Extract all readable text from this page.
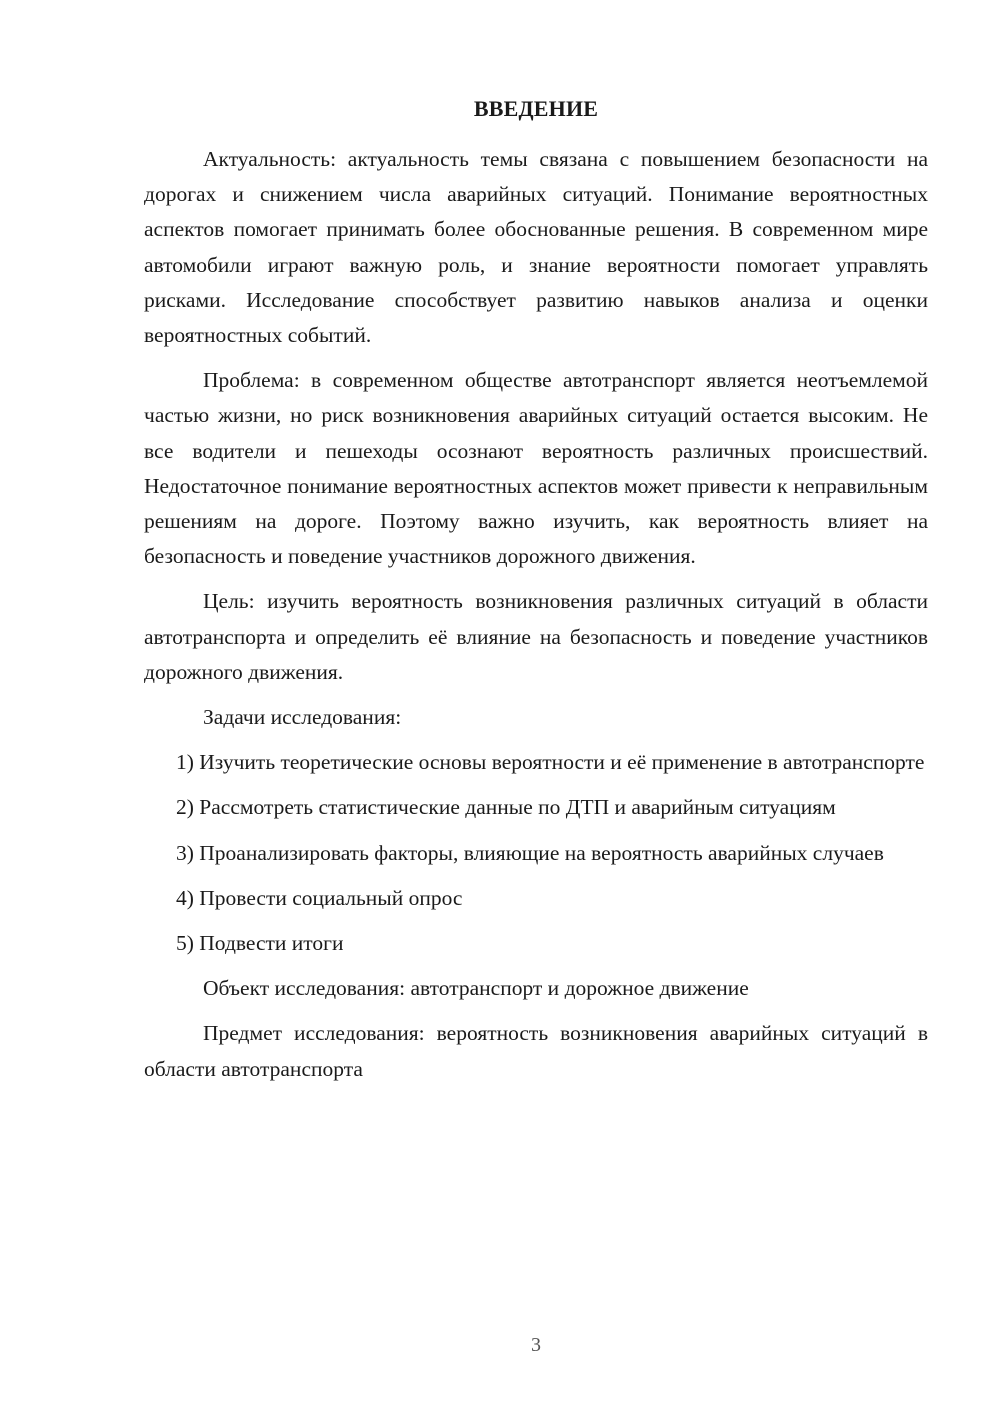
ВВЕДЕНИЕ

Актуальность: актуальность темы связана с повышением безопасности на дорогах и снижением числа аварийных ситуаций. Понимание вероятностных аспектов помогает принимать более обоснованные решения. В современном мире автомобили играют важную роль, и знание вероятности помогает управлять рисками. Исследование способствует развитию навыков анализа и оценки вероятностных событий.

Проблема: в современном обществе автотранспорт является неотъемлемой частью жизни, но риск возникновения аварийных ситуаций остается высоким. Не все водители и пешеходы осознают вероятность различных происшествий. Недостаточное понимание вероятностных аспектов может привести к неправильным решениям на дороге. Поэтому важно изучить, как вероятность влияет на безопасность и поведение участников дорожного движения.

Цель: изучить вероятность возникновения различных ситуаций в области автотранспорта и определить её влияние на безопасность и поведение участников дорожного движения.

Задачи исследования:

1) Изучить теоретические основы вероятности и её применение в автотранспорте

2) Рассмотреть статистические данные по ДТП и аварийным ситуациям

3) Проанализировать факторы, влияющие на вероятность аварийных случаев

4) Провести социальный опрос

5) Подвести итоги

Объект исследования: автотранспорт и дорожное движение

Предмет исследования: вероятность возникновения аварийных ситуаций в области автотранспорта

3
